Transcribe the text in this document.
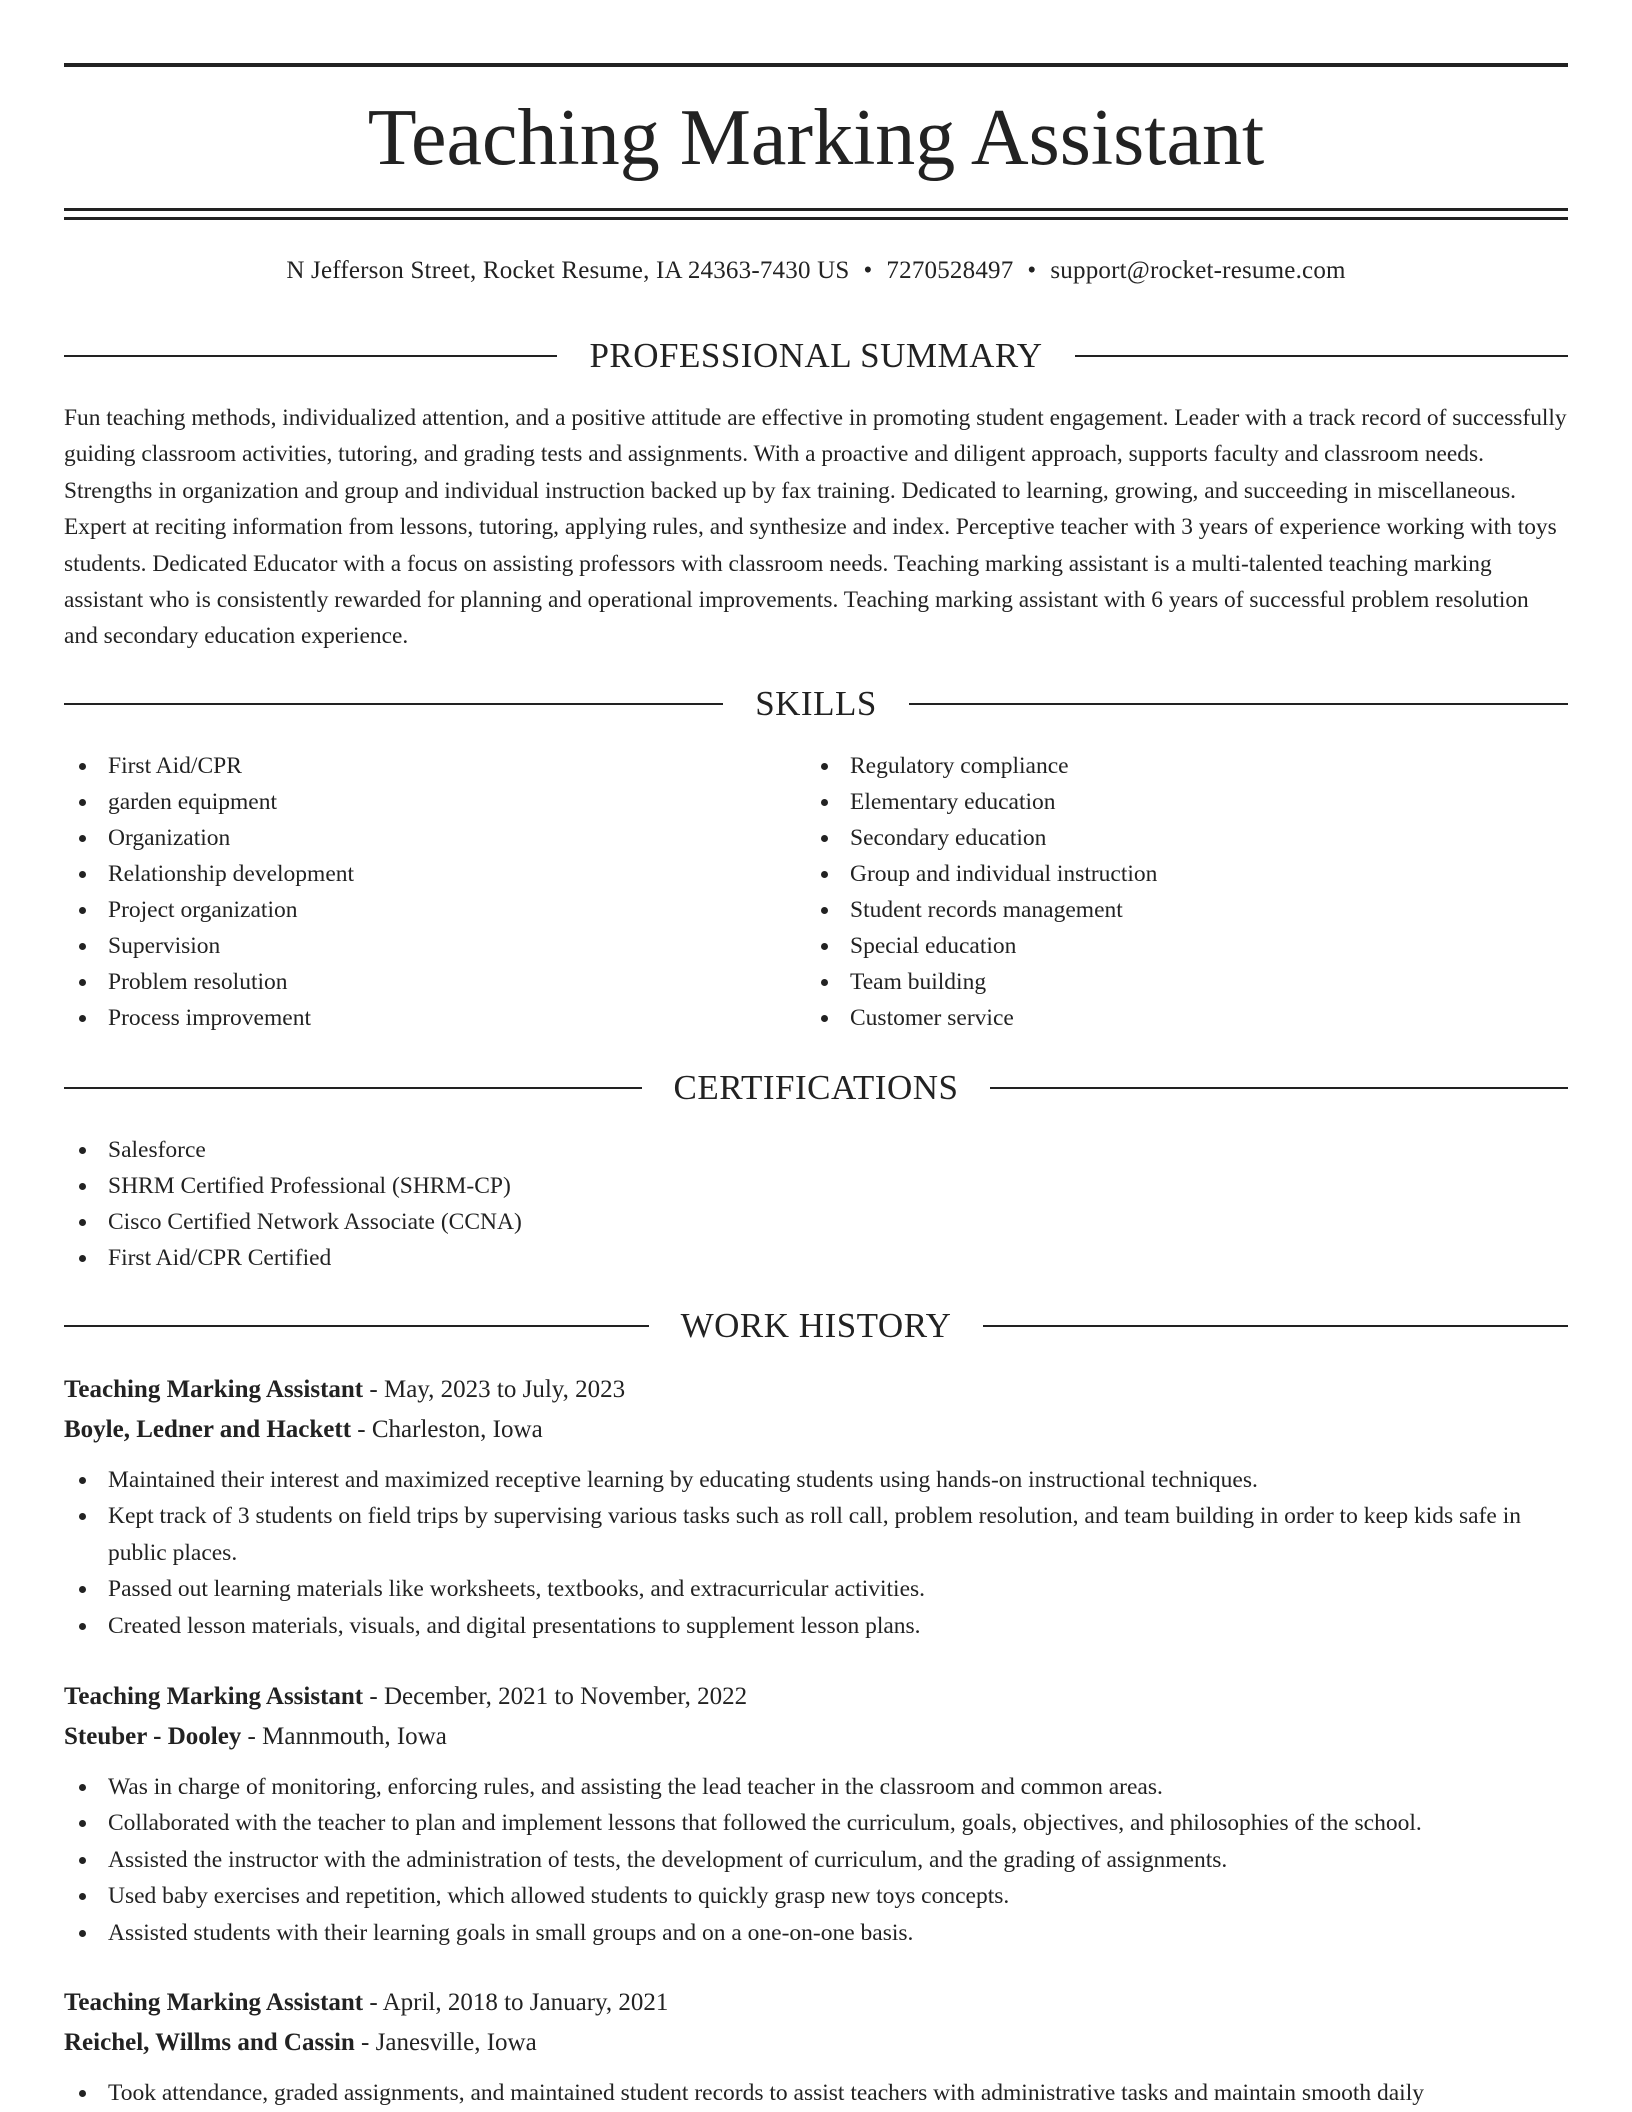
Teaching Marking Assistant
N Jefferson Street, Rocket Resume, IA 24363-7430 US • 7270528497 • support@rocket-resume.com
PROFESSIONAL SUMMARY

Fun teaching methods, individualized attention, and a positive attitude are effective in promoting student engagement. Leader with a track record of successfully guiding classroom activities, tutoring, and grading tests and assignments. With a proactive and diligent approach, supports faculty and classroom needs. Strengths in organization and group and individual instruction backed up by fax training. Dedicated to learning, growing, and succeeding in miscellaneous. Expert at reciting information from lessons, tutoring, applying rules, and synthesize and index. Perceptive teacher with 3 years of experience working with toys students. Dedicated Educator with a focus on assisting professors with classroom needs. Teaching marking assistant is a multi-talented teaching marking assistant who is consistently rewarded for planning and operational improvements. Teaching marking assistant with 6 years of successful problem resolution and secondary education experience.

SKILLS
First Aid/CPR
garden equipment
Organization
Relationship development
Project organization
Supervision
Problem resolution
Process improvement
Regulatory compliance
Elementary education
Secondary education
Group and individual instruction
Student records management
Special education
Team building
Customer service
CERTIFICATIONS
Salesforce
SHRM Certified Professional (SHRM-CP)
Cisco Certified Network Associate (CCNA)
First Aid/CPR Certified
WORK HISTORY

Teaching Marking Assistant - May, 2023 to July, 2023

Boyle, Ledner and Hackett - Charleston, Iowa

Maintained their interest and maximized receptive learning by educating students using hands-on instructional techniques.
Kept track of 3 students on field trips by supervising various tasks such as roll call, problem resolution, and team building in order to keep kids safe in public places.
Passed out learning materials like worksheets, textbooks, and extracurricular activities.
Created lesson materials, visuals, and digital presentations to supplement lesson plans.

Teaching Marking Assistant - December, 2021 to November, 2022

Steuber - Dooley - Mannmouth, Iowa

Was in charge of monitoring, enforcing rules, and assisting the lead teacher in the classroom and common areas.
Collaborated with the teacher to plan and implement lessons that followed the curriculum, goals, objectives, and philosophies of the school.
Assisted the instructor with the administration of tests, the development of curriculum, and the grading of assignments.
Used baby exercises and repetition, which allowed students to quickly grasp new toys concepts.
Assisted students with their learning goals in small groups and on a one-on-one basis.

Teaching Marking Assistant - April, 2018 to January, 2021

Reichel, Willms and Cassin - Janesville, Iowa

Took attendance, graded assignments, and maintained student records to assist teachers with administrative tasks and maintain smooth daily
